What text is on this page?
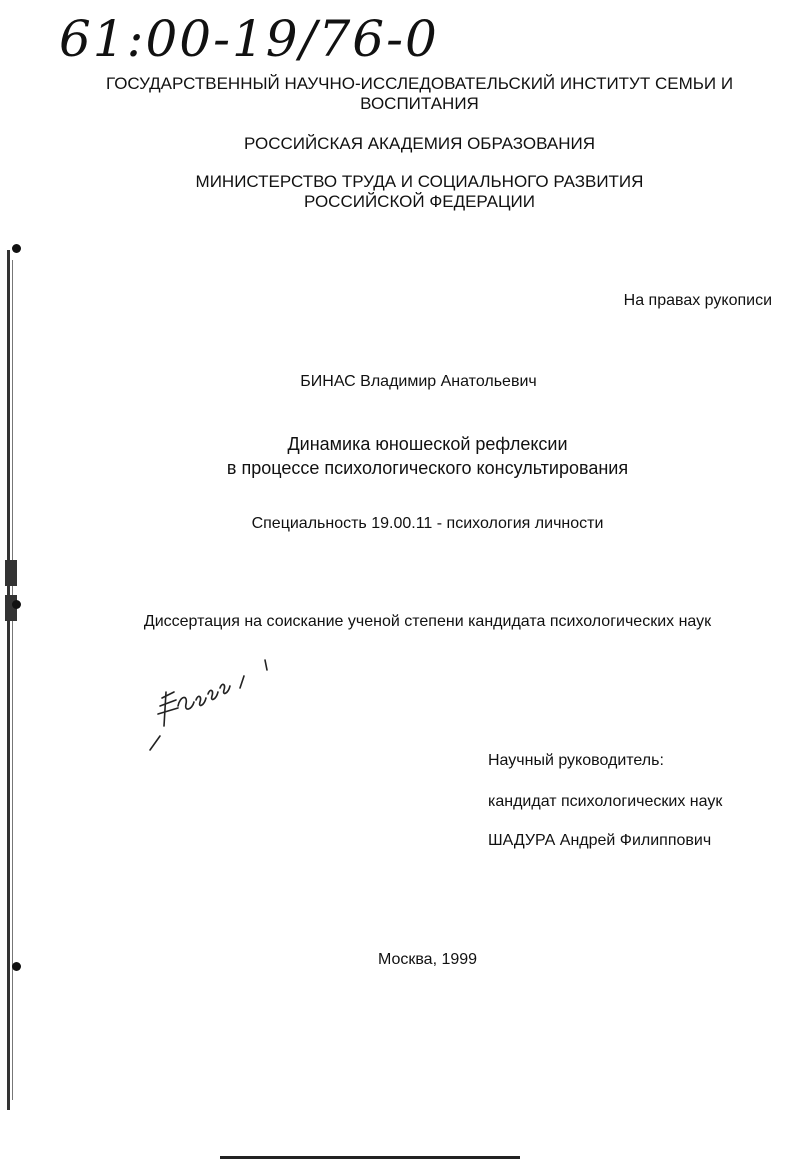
61:00-19/76-0
ГОСУДАРСТВЕННЫЙ НАУЧНО-ИССЛЕДОВАТЕЛЬСКИЙ ИНСТИТУТ СЕМЬИ И
ВОСПИТАНИЯ
РОССИЙСКАЯ АКАДЕМИЯ ОБРАЗОВАНИЯ
МИНИСТЕРСТВО ТРУДА И СОЦИАЛЬНОГО РАЗВИТИЯ
РОССИЙСКОЙ ФЕДЕРАЦИИ
На правах рукописи
БИНАС Владимир Анатольевич
Динамика юношеской рефлексии
в процессе психологического консультирования
Специальность 19.00.11 - психология личности
Диссертация на соискание ученой степени кандидата психологических наук
Научный руководитель:
кандидат психологических наук
ШАДУРА Андрей Филиппович
Москва, 1999
